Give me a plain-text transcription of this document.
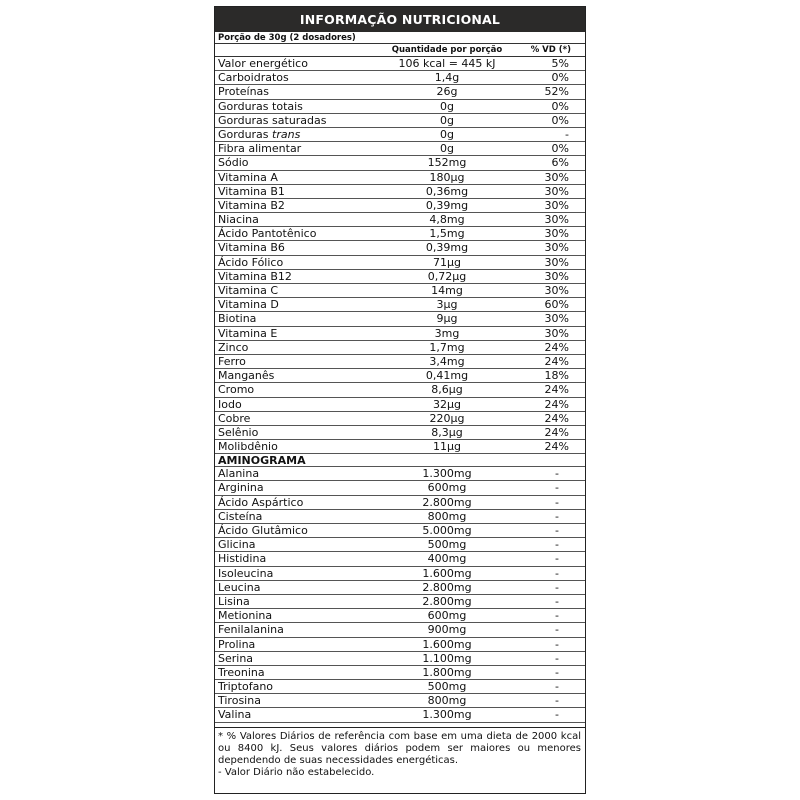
INFORMAÇÃO NUTRICIONAL
Porção de 30g (2 dosadores)
Quantidade por porção	% VD (*)
Valor energético	106 kcal = 445 kJ	5%
Carboidratos	1,4g	0%
Proteínas	26g	52%
Gorduras totais	0g	0%
Gorduras saturadas	0g	0%
Gorduras trans	0g	-
Fibra alimentar	0g	0%
Sódio	152mg	6%
Vitamina A	180µg	30%
Vitamina B1	0,36mg	30%
Vitamina B2	0,39mg	30%
Niacina	4,8mg	30%
Ácido Pantotênico	1,5mg	30%
Vitamina B6	0,39mg	30%
Ácido Fólico	71µg	30%
Vitamina B12	0,72µg	30%
Vitamina C	14mg	30%
Vitamina D	3µg	60%
Biotina	9µg	30%
Vitamina E	3mg	30%
Zinco	1,7mg	24%
Ferro	3,4mg	24%
Manganês	0,41mg	18%
Cromo	8,6µg	24%
Iodo	32µg	24%
Cobre	220µg	24%
Selênio	8,3µg	24%
Molibdênio	11µg	24%
AMINOGRAMA
Alanina	1.300mg	-
Arginina	600mg	-
Ácido Aspártico	2.800mg	-
Cisteína	800mg	-
Ácido Glutâmico	5.000mg	-
Glicina	500mg	-
Histidina	400mg	-
Isoleucina	1.600mg	-
Leucina	2.800mg	-
Lisina	2.800mg	-
Metionina	600mg	-
Fenilalanina	900mg	-
Prolina	1.600mg	-
Serina	1.100mg	-
Treonina	1.800mg	-
Triptofano	500mg	-
Tirosina	800mg	-
Valina	1.300mg	-

* % Valores Diários de referência com base em uma dieta de 2000 kcal ou 8400 kJ. Seus valores diários podem ser maiores ou menores dependendo de suas necessidades energéticas.

- Valor Diário não estabelecido.
